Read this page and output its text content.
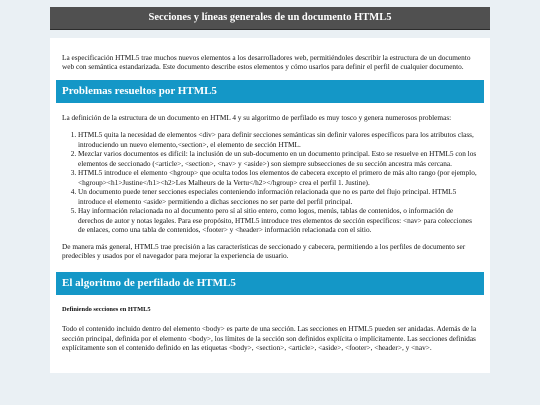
Secciones y líneas generales de un documento HTML5

La especificación HTML5 trae muchos nuevos elementos a los desarrolladores web, permitiéndoles describir la estructura de un documento web con semántica estandarizada. Este documento describe estos elementos y cómo usarlos para definir el perfil de cualquier documento.

Problemas resueltos por HTML5

La definición de la estructura de un documento en HTML 4 y su algoritmo de perfilado es muy tosco y genera numerosos problemas:

1. HTML5 quita la necesidad de elementos <div> para definir secciones semánticas sin definir valores específicos para los atributos class, introduciendo un nuevo elemento,<section>, el elemento de sección HTML.
2. Mezclar varios documentos es difícil: la inclusión de un sub-documento en un documento principal. Esto se resuelve en HTML5 con los elementos de seccionado (<article>, <section>, <nav> y <aside>) son siempre subsecciones de su sección ancestra más cercana.
3. HTML5 introduce el elemento <hgroup> que oculta todos los elementos de cabecera excepto el primero de más alto rango (por ejemplo, <hgroup><h1>Justine</h1><h2>Les Malheurs de la Vertu</h2></hgroup> crea el perfil 1. Justine).
4. Un documento puede tener secciones especiales conteniendo información relacionada que no es parte del flujo principal. HTML5 introduce el elemento <aside> permitiendo a dichas secciones no ser parte del perfil principal.
5. Hay información relacionada no al documento pero sí al sitio entero, como logos, menús, tablas de contenidos, o información de derechos de autor y notas legales. Para ese propósito, HTML5 introduce tres elementos de sección específicos: <nav> para colecciones de enlaces, como una tabla de contenidos, <footer> y <header> información relacionada con el sitio.

De manera más general, HTML5 trae precisión a las características de seccionado y cabecera, permitiendo a los perfiles de documento ser predecibles y usados por el navegador para mejorar la experiencia de usuario.

El algoritmo de perfilado de HTML5

Definiendo secciones en HTML5

Todo el contenido incluido dentro del elemento <body> es parte de una sección. Las secciones en HTML5 pueden ser anidadas. Además de la sección principal, definida por el elemento <body>, los límites de la sección son definidos explícita o implícitamente. Las secciones definidas explícitamente son el contenido definido en las etiquetas <body>, <section>, <article>, <aside>, <footer>, <header>, y <nav>.
